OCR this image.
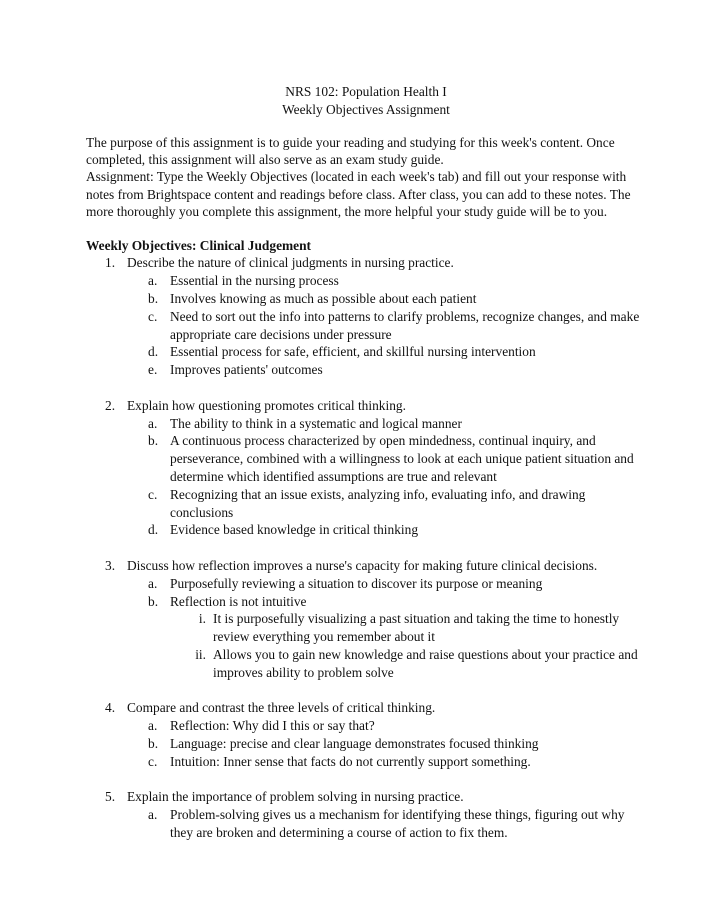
NRS 102: Population Health I
Weekly Objectives Assignment

The purpose of this assignment is to guide your reading and studying for this week's content. Once completed, this assignment will also serve as an exam study guide.

Assignment: Type the Weekly Objectives (located in each week's tab) and fill out your response with notes from Brightspace content and readings before class. After class, you can add to these notes. The more thoroughly you complete this assignment, the more helpful your study guide will be to you.

Weekly Objectives: Clinical Judgement
1. Describe the nature of clinical judgments in nursing practice.
a. Essential in the nursing process
b. Involves knowing as much as possible about each patient
c. Need to sort out the info into patterns to clarify problems, recognize changes, and make appropriate care decisions under pressure
d. Essential process for safe, efficient, and skillful nursing intervention
e. Improves patients' outcomes
2. Explain how questioning promotes critical thinking.
a. The ability to think in a systematic and logical manner
b. A continuous process characterized by open mindedness, continual inquiry, and perseverance, combined with a willingness to look at each unique patient situation and determine which identified assumptions are true and relevant
c. Recognizing that an issue exists, analyzing info, evaluating info, and drawing conclusions
d. Evidence based knowledge in critical thinking
3. Discuss how reflection improves a nurse's capacity for making future clinical decisions.
a. Purposefully reviewing a situation to discover its purpose or meaning
b. Reflection is not intuitive
i. It is purposefully visualizing a past situation and taking the time to honestly review everything you remember about it
ii. Allows you to gain new knowledge and raise questions about your practice and improves ability to problem solve
4. Compare and contrast the three levels of critical thinking.
a. Reflection: Why did I this or say that?
b. Language: precise and clear language demonstrates focused thinking
c. Intuition: Inner sense that facts do not currently support something.
5. Explain the importance of problem solving in nursing practice.
a. Problem-solving gives us a mechanism for identifying these things, figuring out why they are broken and determining a course of action to fix them.
